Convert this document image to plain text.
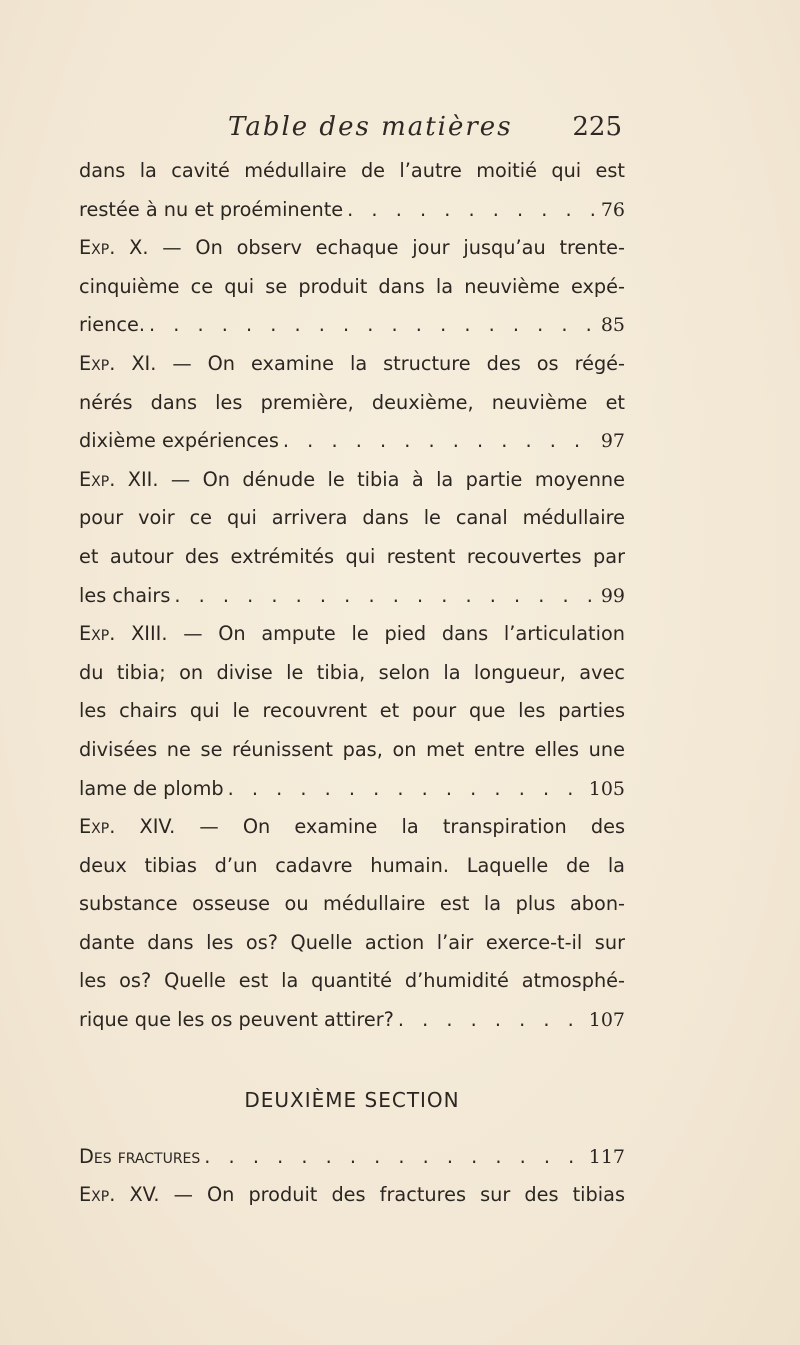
Table des matières 225
dans la cavité médullaire de l’autre moitié qui est
restée à nu et proéminente . . .	76
Exp. X. — On observ echaque jour jusqu’au trente-
cinquième ce qui se produit dans la neuvième expé-
rience. . . .	85
Exp. XI. — On examine la structure des os régé-
nérés dans les première, deuxième, neuvième et
dixième expériences . . .	97
Exp. XII. — On dénude le tibia à la partie moyenne
pour voir ce qui arrivera dans le canal médullaire
et autour des extrémités qui restent recouvertes par
les chairs . . .	99
Exp. XIII. — On ampute le pied dans l’articulation
du tibia; on divise le tibia, selon la longueur, avec
les chairs qui le recouvrent et pour que les parties
divisées ne se réunissent pas, on met entre elles une
lame de plomb . . .	105
Exp. XIV. — On examine la transpiration des
deux tibias d’un cadavre humain. Laquelle de la
substance osseuse ou médullaire est la plus abon-
dante dans les os? Quelle action l’air exerce-t-il sur
les os? Quelle est la quantité d’humidité atmosphé-
rique que les os peuvent attirer? . . .	107
DEUXIÈME SECTION
Des fractures . . .	117
Exp. XV. — On produit des fractures sur des tibias
